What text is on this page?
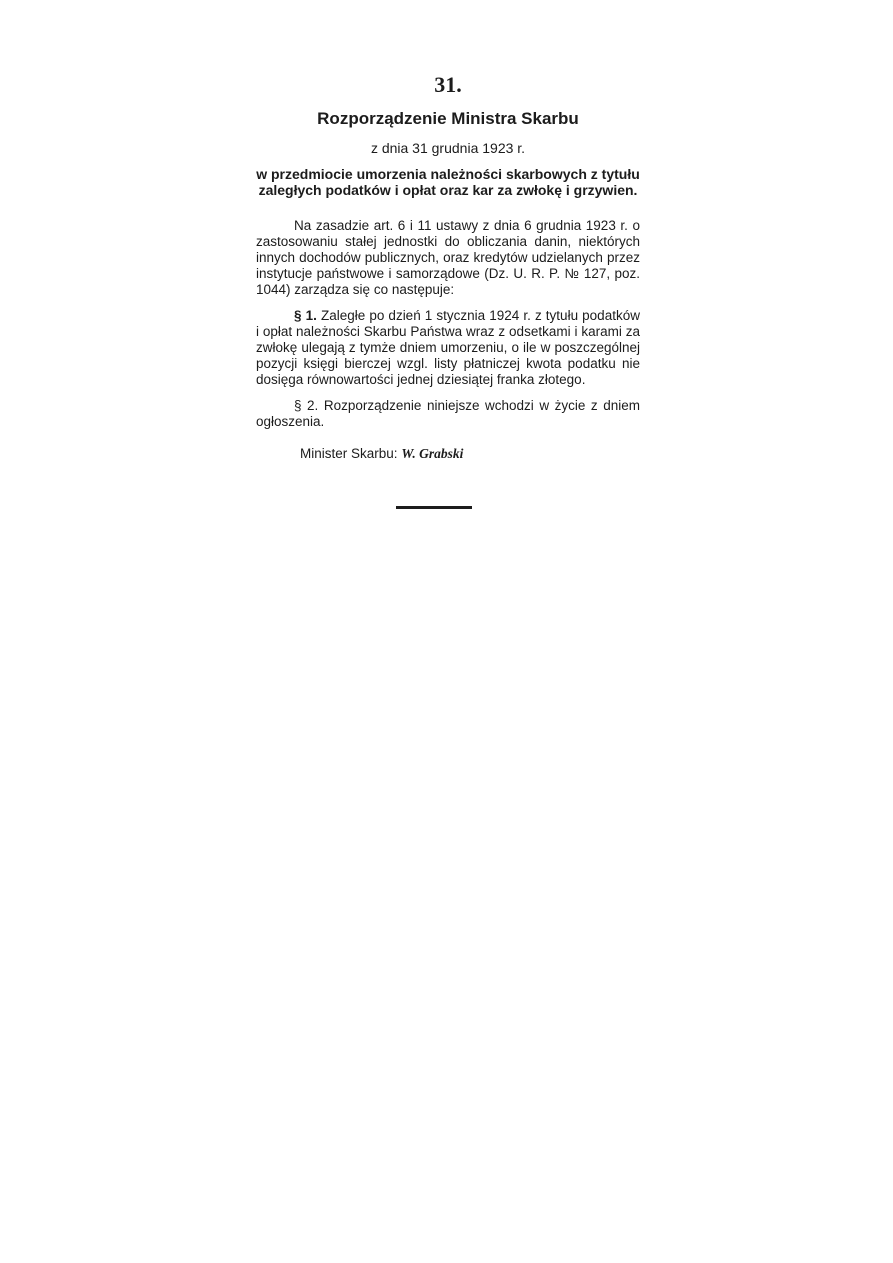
31.
Rozporządzenie Ministra Skarbu
z dnia 31 grudnia 1923 r.
w przedmiocie umorzenia należności skarbowych z tytułu zaległych podatków i opłat oraz kar za zwłokę i grzywien.

Na zasadzie art. 6 i 11 ustawy z dnia 6 grudnia 1923 r. o zastosowaniu stałej jednostki do obliczania danin, niektórych innych dochodów publicznych, oraz kredytów udzielanych przez instytucje państwowe i samorządowe (Dz. U. R. P. № 127, poz. 1044) zarządza się co następuje:

§ 1. Zaległe po dzień 1 stycznia 1924 r. z tytułu podatków i opłat należności Skarbu Państwa wraz z odsetkami i karami za zwłokę ulegają z tymże dniem umorzeniu, o ile w poszczególnej pozycji księgi bierczej wzgl. listy płatniczej kwota podatku nie dosięga równowartości jednej dziesiątej franka złotego.

§ 2. Rozporządzenie niniejsze wchodzi w życie z dniem ogłoszenia.

Minister Skarbu: W. Grabski
